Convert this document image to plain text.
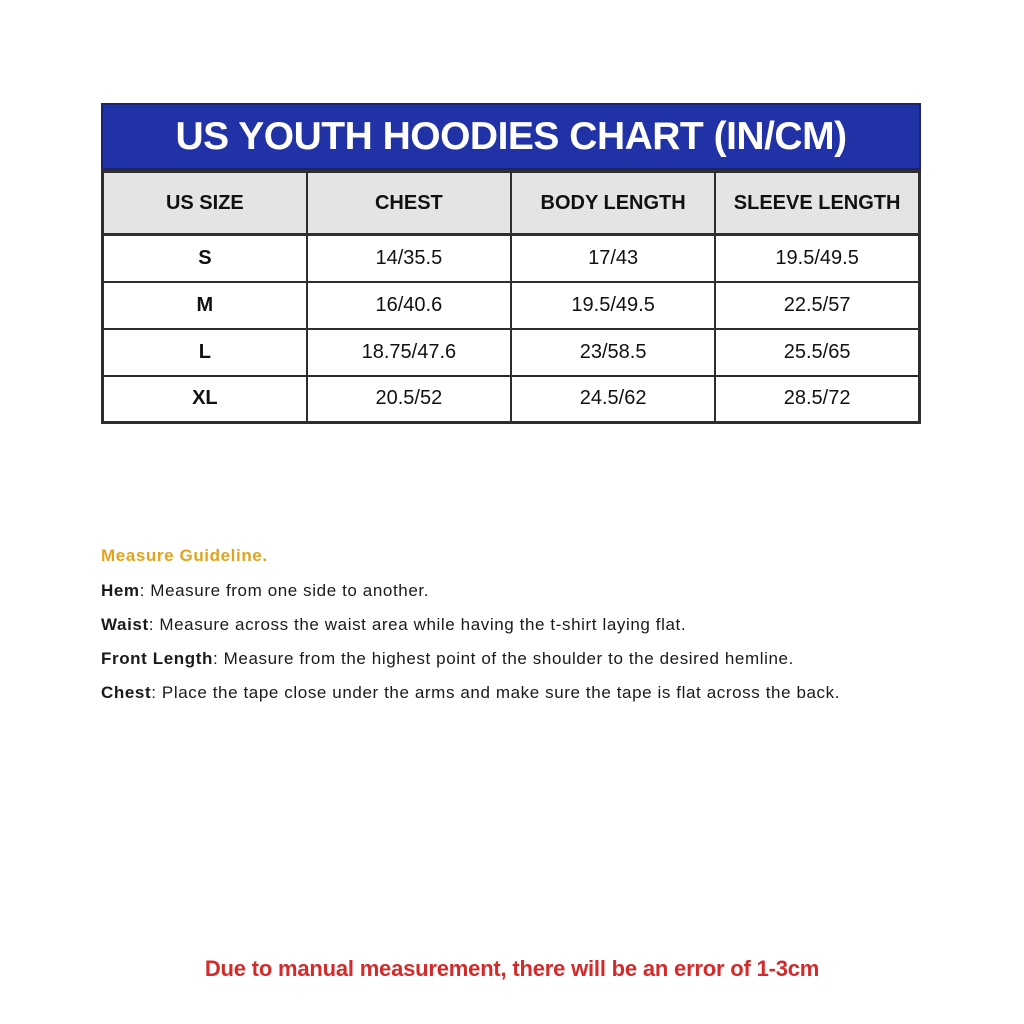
US YOUTH HOODIES CHART (IN/CM)
US SIZE	CHEST	BODY LENGTH	SLEEVE LENGTH
S	14/35.5	17/43	19.5/49.5
M	16/40.6	19.5/49.5	22.5/57
L	18.75/47.6	23/58.5	25.5/65
XL	20.5/52	24.5/62	28.5/72
Measure Guideline.
Hem: Measure from one side to another.
Waist: Measure across the waist area while having the t-shirt laying flat.
Front Length: Measure from the highest point of the shoulder to the desired hemline.
Chest: Place the tape close under the arms and make sure the tape is flat across the back.
Due to manual measurement, there will be an error of 1-3cm
